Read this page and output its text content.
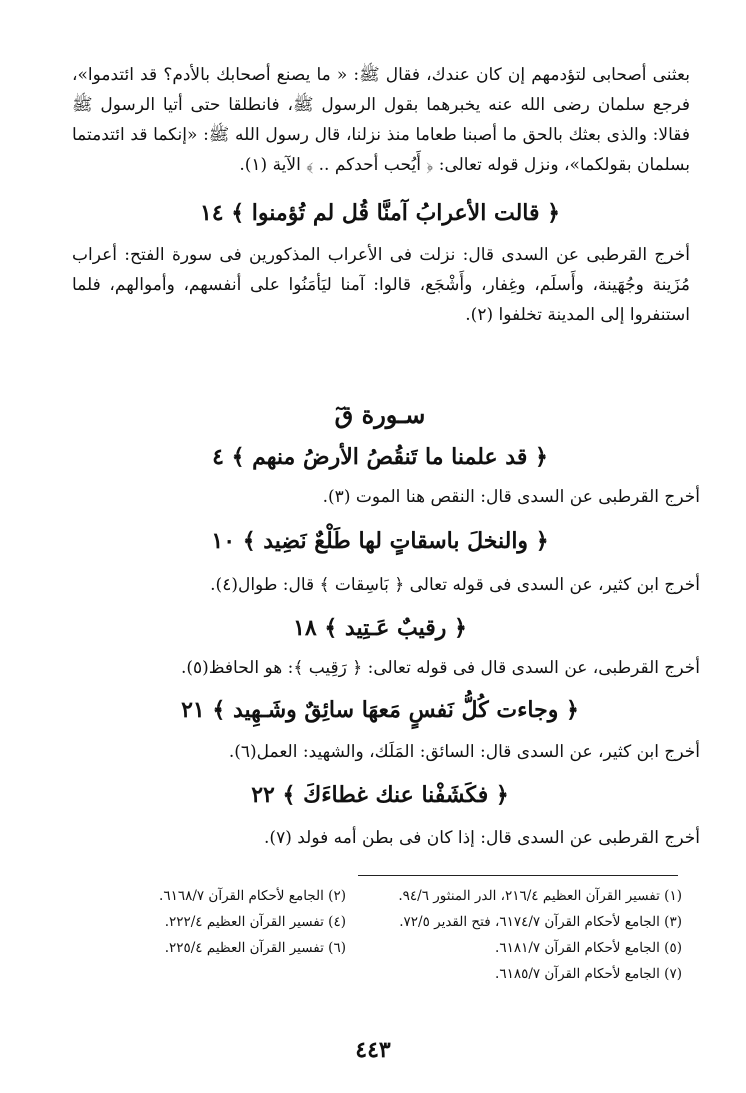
بعثنى أصحابى لتؤدمهم إن كان عندك، فقال ﷺ: « ما يصنع أصحابك بالأدم؟ قد ائتدموا»، فرجع سلمان رضى الله عنه يخبرهما بقول الرسول ﷺ، فانطلقا حتى أتيا الرسول ﷺ فقالا: والذى بعثك بالحق ما أصبنا طعاما منذ نزلنا، قال رسول الله ﷺ: «إنكما قد ائتدمتما بسلمان بقولكما»، ونزل قوله تعالى: ﴿ أَيُحب أحدكم .. ﴾ الآية (١).
﴿ قالت الأعرابُ آمنَّا قُل لم تُؤمنوا ﴾ ١٤
أخرج القرطبى عن السدى قال: نزلت فى الأعراب المذكورين فى سورة الفتح: أعراب مُزَينة وجُهَينة، وأَسلَم، وغِفار، وأَشْجَع، قالوا: آمنا ليَأمَنُوا على أنفسهم، وأموالهم، فلما استنفروا إلى المدينة تخلفوا (٢).
سـورة قٓ
﴿ قد علمنا ما تَنقُصُ الأرضُ منهم ﴾ ٤
أخرج القرطبى عن السدى قال: النقص هنا الموت (٣).
﴿ والنخلَ باسقاتٍ لها طَلْعٌ نَضِيد ﴾ ١٠
أخرج ابن كثير، عن السدى فى قوله تعالى ﴿ بَاسِقات ﴾ قال: طوال(٤).
﴿ رقيبٌ عَـتِيد ﴾ ١٨
أخرج القرطبى، عن السدى قال فى قوله تعالى: ﴿ رَقِيب ﴾: هو الحافظ(٥).
﴿ وجاءت كُلُّ نَفسٍ مَعهَا سائِقٌ وشَـهِيد ﴾ ٢١
أخرج ابن كثير، عن السدى قال: السائق: المَلَك، والشهيد: العمل(٦).
﴿ فكَشَفْنا عنك غطاءَكَ ﴾ ٢٢
أخرج القرطبى عن السدى قال: إذا كان فى بطن أمه فولد (٧).
(١) تفسير القرآن العظيم ٢١٦/٤، الدر المنثور ٩٤/٦.
(٢) الجامع لأحكام القرآن ٦١٦٨/٧.
(٣) الجامع لأحكام القرآن ٦١٧٤/٧، فتح القدير ٧٢/٥.
(٤) تفسير القرآن العظيم ٢٢٢/٤.
(٥) الجامع لأحكام القرآن ٦١٨١/٧.
(٦) تفسير القرآن العظيم ٢٢٥/٤.
(٧) الجامع لأحكام القرآن ٦١٨٥/٧.
٤٤٣
